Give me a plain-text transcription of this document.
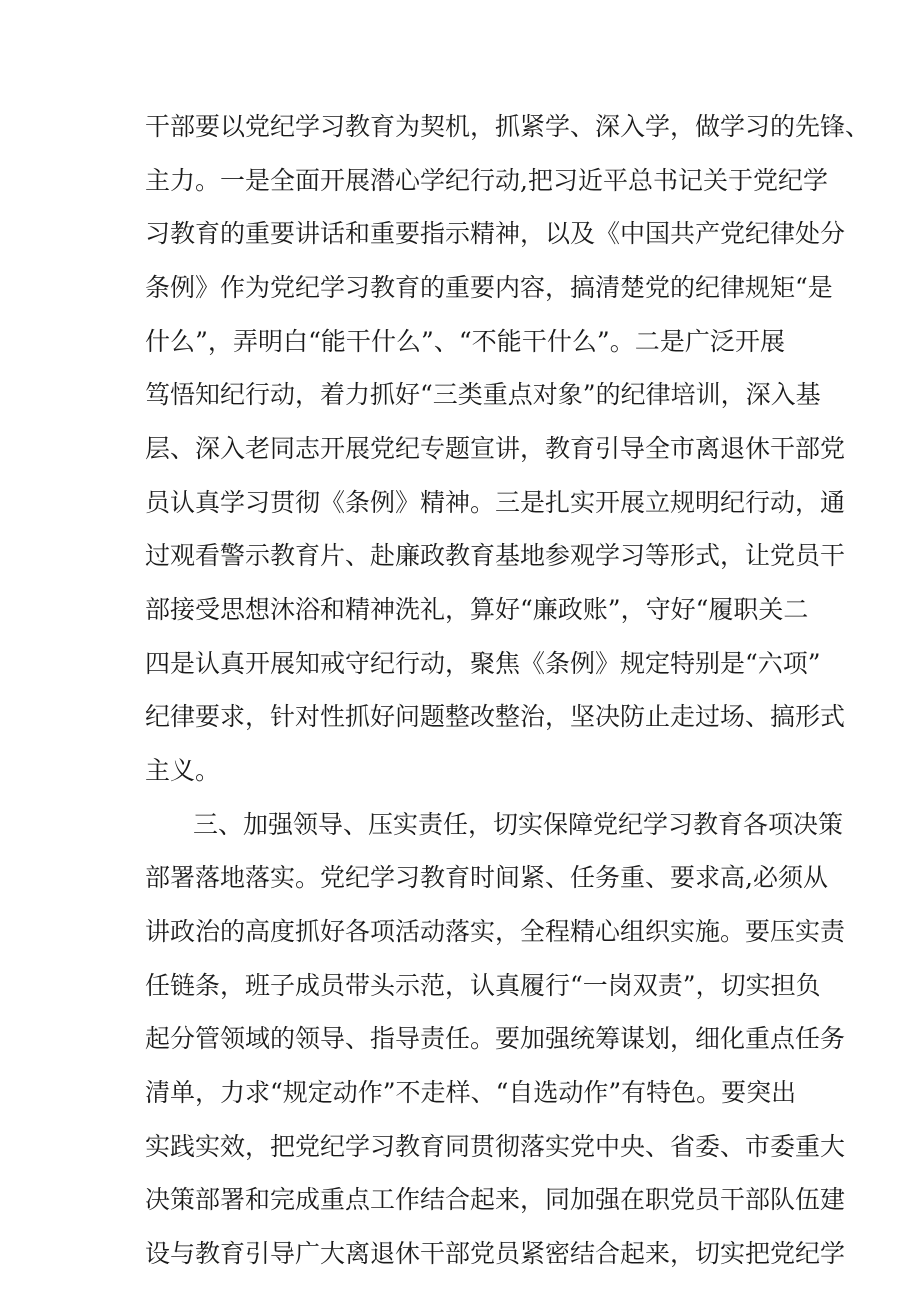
干部要以党纪学习教育为契机，抓紧学、深入学，做学习的先锋、
主力。一是全面开展潜心学纪行动,把习近平总书记关于党纪学
习教育的重要讲话和重要指示精神，以及《中国共产党纪律处分
条例》作为党纪学习教育的重要内容，搞清楚党的纪律规矩“是
什么”，弄明白“能干什么”、“不能干什么”。二是广泛开展
笃悟知纪行动，着力抓好“三类重点对象”的纪律培训，深入基
层、深入老同志开展党纪专题宣讲，教育引导全市离退休干部党
员认真学习贯彻《条例》精神。三是扎实开展立规明纪行动，通
过观看警示教育片、赴廉政教育基地参观学习等形式，让党员干
部接受思想沐浴和精神洗礼，算好“廉政账”，守好“履职关二
四是认真开展知戒守纪行动，聚焦《条例》规定特别是“六项”
纪律要求，针对性抓好问题整改整治，坚决防止走过场、搞形式
主义。
三、加强领导、压实责任，切实保障党纪学习教育各项决策
部署落地落实。党纪学习教育时间紧、任务重、要求高,必须从
讲政治的高度抓好各项活动落实，全程精心组织实施。要压实责
任链条，班子成员带头示范，认真履行“一岗双责”，切实担负
起分管领域的领导、指导责任。要加强统筹谋划，细化重点任务
清单，力求“规定动作”不走样、“自选动作”有特色。要突出
实践实效，把党纪学习教育同贯彻落实党中央、省委、市委重大
决策部署和完成重点工作结合起来，同加强在职党员干部队伍建
设与教育引导广大离退休干部党员紧密结合起来，切实把党纪学
